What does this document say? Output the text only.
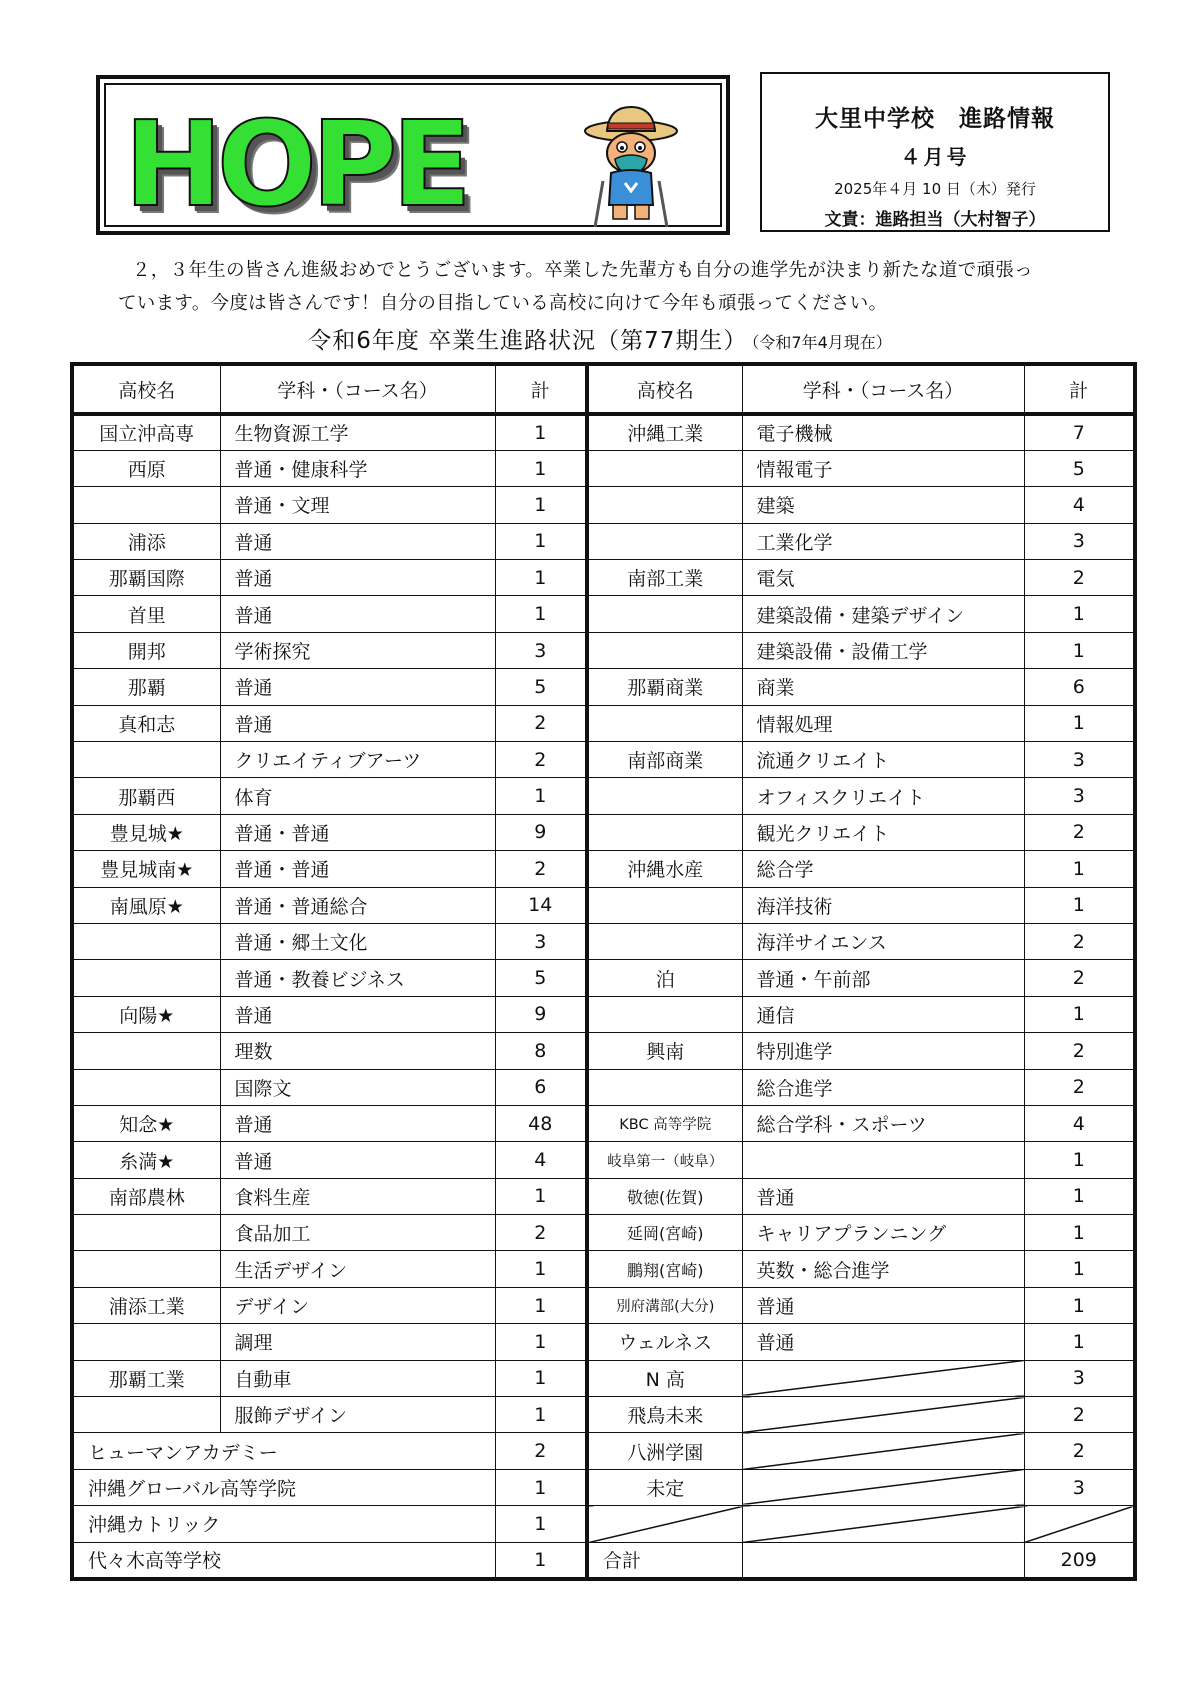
HOPE	大里中学校　進路情報
４月号
2025年４月 10 日（木）発行
文責：進路担当（大村智子）

２，３年生の皆さん進級おめでとうございます。卒業した先輩方も自分の進学先が決まり新たな道で頑張っ

ています。今度は皆さんです！自分の目指している高校に向けて今年も頑張ってください。

令和6年度 卒業生進路状況（第77期生） （令和7年4月現在）
高校名	学科・（コース名）	計
国立沖高専	生物資源工学	1
西原	普通・健康科学	1
	普通・文理	1
浦添	普通	1
那覇国際	普通	1
首里	普通	1
開邦	学術探究	3
那覇	普通	5
真和志	普通	2
	クリエイティブアーツ	2
那覇西	体育	1
豊見城★	普通・普通	9
豊見城南★	普通・普通	2
南風原★	普通・普通総合	14
	普通・郷土文化	3
	普通・教養ビジネス	5
向陽★	普通	9
	理数	8
	国際文	6
知念★	普通	48
糸満★	普通	4
南部農林	食料生産	1
	食品加工	2
	生活デザイン	1
浦添工業	デザイン	1
	調理	1
那覇工業	自動車	1
	服飾デザイン	1
ヒューマンアカデミー		2
沖縄グローバル高等学院		1
沖縄カトリック		1
代々木高等学校		1
高校名	学科・（コース名）	計
沖縄工業	電子機械	7
	情報電子	5
	建築	4
	工業化学	3
南部工業	電気	2
	建築設備・建築デザイン	1
	建築設備・設備工学	1
那覇商業	商業	6
	情報処理	1
南部商業	流通クリエイト	3
	オフィスクリエイト	3
	観光クリエイト	2
沖縄水産	総合学	1
	海洋技術	1
	海洋サイエンス	2
泊	普通・午前部	2
	通信	1
興南	特別進学	2
	総合進学	2
KBC 高等学院	総合学科・スポーツ	4
岐阜第一（岐阜）		1
敬徳(佐賀)	普通	1
延岡(宮崎)	キャリアプランニング	1
鵬翔(宮崎)	英数・総合進学	1
別府溝部(大分)	普通	1
ウェルネス	普通	1
N 高		3
飛鳥未来		2
八洲学園		2
未定		3

合計		209
